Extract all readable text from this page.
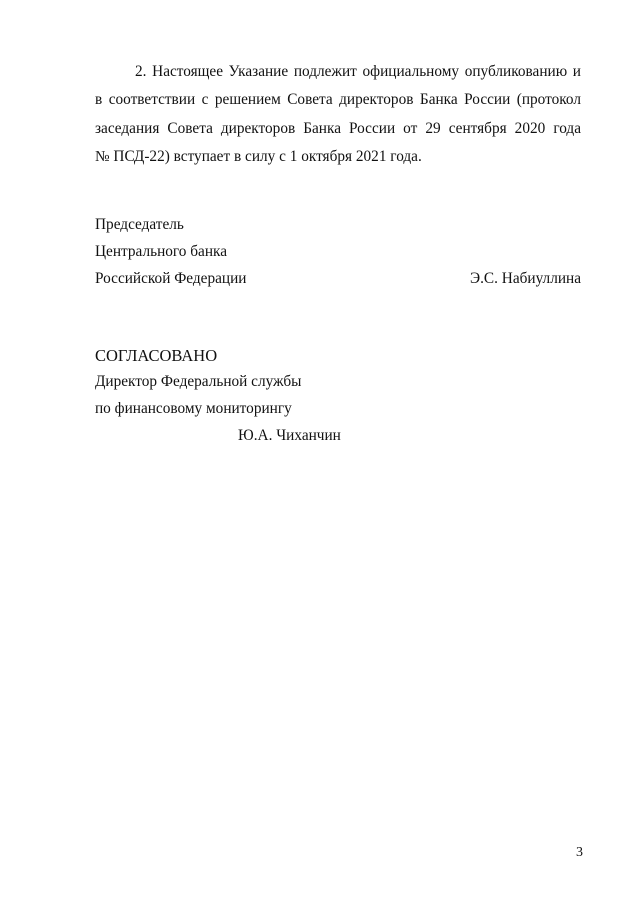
2. Настоящее Указание подлежит официальному опубликованию и
в соответствии с решением Совета директоров Банка России (протокол
заседания Совета директоров Банка России от 29 сентября 2020 года
№ ПСД-22) вступает в силу с 1 октября 2021 года.

Председатель

Центрального банка

Российской Федерации	Э.С. Набиуллина

СОГЛАСОВАНО

Директор Федеральной службы

по финансовому мониторингу

Ю.А. Чиханчин

3
